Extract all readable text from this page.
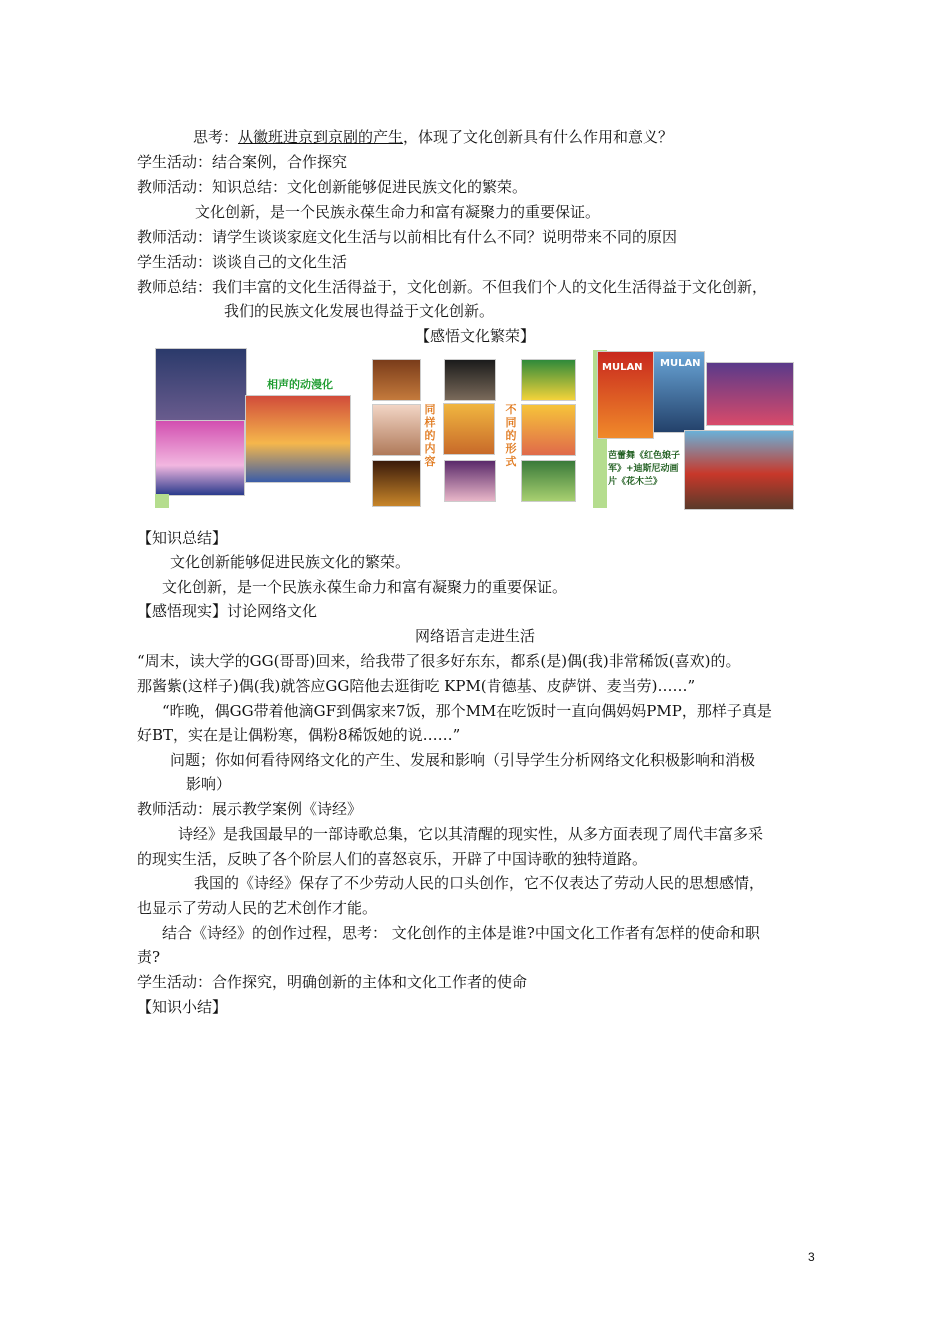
思考：从徽班进京到京剧的产生，体现了文化创新具有什么作用和意义？
学生活动：结合案例，合作探究
教师活动：知识总结：文化创新能够促进民族文化的繁荣。
文化创新，是一个民族永葆生命力和富有凝聚力的重要保证。
教师活动：请学生谈谈家庭文化生活与以前相比有什么不同？说明带来不同的原因
学生活动：谈谈自己的文化生活
教师总结：我们丰富的文化生活得益于，文化创新。不但我们个人的文化生活得益于文化创新，
我们的民族文化发展也得益于文化创新。
【感悟文化繁荣】
相声的动漫化
同样的内容
不同的形式
MULAN MULAN
芭蕾舞《红色娘子军》+迪斯尼动画片《花木兰》
【知识总结】
文化创新能够促进民族文化的繁荣。
文化创新，是一个民族永葆生命力和富有凝聚力的重要保证。
【感悟现实】讨论网络文化
网络语言走进生活
“周末，读大学的GG(哥哥)回来，给我带了很多好东东，都系(是)偶(我)非常稀饭(喜欢)的。
那酱紫(这样子)偶(我)就答应GG陪他去逛街吃 KPM(肯德基、皮萨饼、麦当劳)……”
“昨晚，偶GG带着他滴GF到偶家来7饭，那个MM在吃饭时一直向偶妈妈PMP，那样子真是
好BT，实在是让偶粉寒，偶粉8稀饭她的说……”
问题；你如何看待网络文化的产生、发展和影响（引导学生分析网络文化积极影响和消极
影响）
教师活动：展示教学案例《诗经》
诗经》是我国最早的一部诗歌总集，它以其清醒的现实性，从多方面表现了周代丰富多采
的现实生活，反映了各个阶层人们的喜怒哀乐，开辟了中国诗歌的独特道路。
我国的《诗经》保存了不少劳动人民的口头创作，它不仅表达了劳动人民的思想感情，
也显示了劳动人民的艺术创作才能。
结合《诗经》的创作过程，思考： 文化创作的主体是谁?中国文化工作者有怎样的使命和职
责?
学生活动：合作探究，明确创新的主体和文化工作者的使命
【知识小结】
3
